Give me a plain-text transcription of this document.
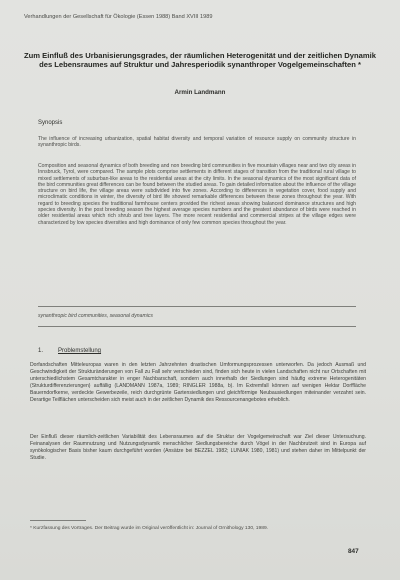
Verhandlungen der Gesellschaft für Ökologie (Essen 1988) Band XVIII 1989

Zum Einfluß des Urbanisierungsgrades, der räumlichen Heterogenität und der zeitlichen Dynamik des Lebensraumes auf Struktur und Jahresperiodik synanthroper Vogelgemeinschaften *

Armin Landmann

Synopsis

The influence of increasing urbanization, spatial habitat diversity and temporal variation of resource supply on community structure in synanthropic birds.

Composition and seasonal dynamics of both breeding and non breeding bird communities in five mountain villages near and two city areas in Innsbruck, Tyrol, were compared. The sample plots comprise settlements in different stages of transition from the traditional rural village to mixed settlements of suburban-like areas to the residential areas at the city limits. In the seasonal dynamics of the most significant data of the bird communities great differences can be found between the studied areas. To gain detailed information about the influence of the village structure on bird life, the village areas were subdivided into five zones. According to differences in vegetation cover, food supply and microclimatic conditions in winter, the diversity of bird life showed remarkable differences between these zones throughout the year. With regard to breeding species the traditional farmhouse centers provided the richest areas showing balanced dominance structures and high species diversity. In the post breeding season the highest average species numbers and the greatest abundance of birds were reached in older residential areas which rich shrub and tree layers. The more recent residential and commercial stripes at the village edges were characterized by low species diversities and high dominance of only few common species throughout the year.

synanthropic bird communities, seasonal dynamics

1. Problemstellung

Dorfandschaften Mitteleuropas waren in den letzten Jahrzehnten drastischen Umformungsprozessen unterworfen. Da jedoch Ausmaß und Geschwindigkeit der Strukturänderungen von Fall zu Fall sehr verschieden sind, finden sich heute in vielen Landschaften nicht nur Ortschaften mit unterschiedlichstem Gesamtcharakter in enger Nachbarschaft, sondern auch innerhalb der Siedlungen sind häufig extreme Heterogenitäten (Strukturdifferenzierungen) auffällig (LANDMANN 1987a, 1989; RINGLER 1988a, b). Im Extremfall können auf wenigen Hektar Dorffläche Bauerndorfkerne, verdeckte Gewerbezeile, reich durchgrünte Gartensiedlungen und gleichförmige Neubausiedlungen miteinander verzahnt sein. Derartige Teilflächen unterscheiden sich meist auch in der zeitlichen Dynamik des Ressourcenangebotes erheblich.

Der Einfluß dieser räumlich-zeitlichen Variabilität des Lebensraumes auf die Struktur der Vogelgemeinschaft war Ziel dieser Untersuchung. Feinanalysen der Raumnutzung und Nutzungsdynamik menschlicher Siedlungsbereiche durch Vögel in der Nachbrutzeit sind in Europa auf synökologischer Basis bisher kaum durchgeführt worden (Ansätze bei BEZZEL 1982; LUNIAK 1980, 1981) und stehen daher im Mittelpunkt der Studie.

* Kurzfassung des Vortrages. Der Beitrag wurde im Original veröffentlicht in: Journal of Ornithology 130, 1989.

847
